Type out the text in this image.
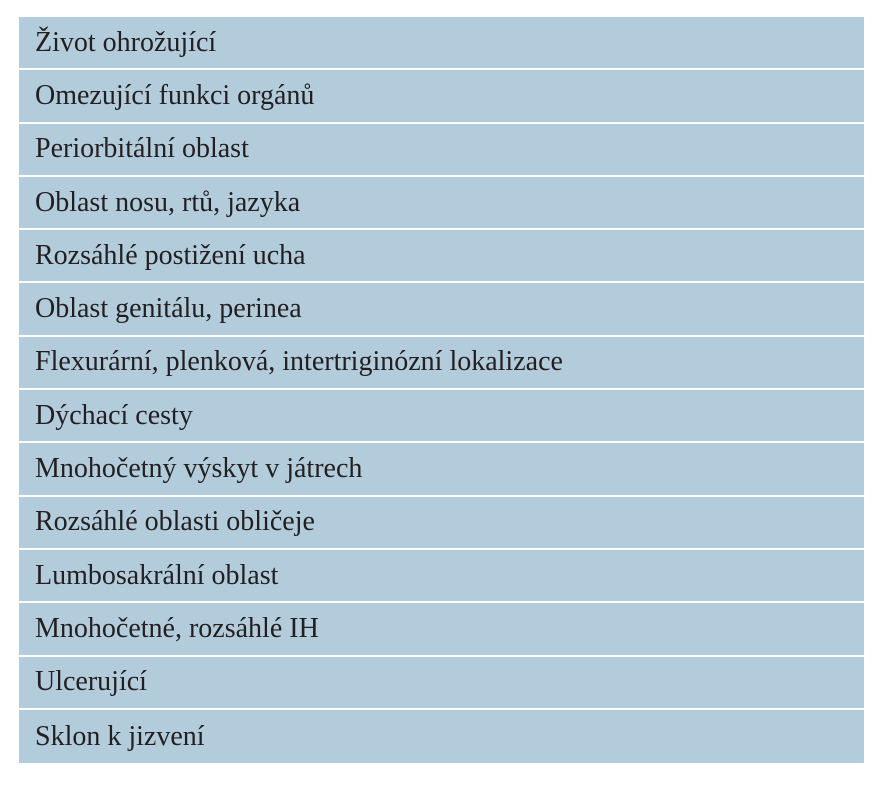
Život ohrožující
Omezující funkci orgánů
Periorbitální oblast
Oblast nosu, rtů, jazyka
Rozsáhlé postižení ucha
Oblast genitálu, perinea
Flexurární, plenková, intertriginózní lokalizace
Dýchací cesty
Mnohočetný výskyt v játrech
Rozsáhlé oblasti obličeje
Lumbosakrální oblast
Mnohočetné, rozsáhlé IH
Ulcerující
Sklon k jizvení
